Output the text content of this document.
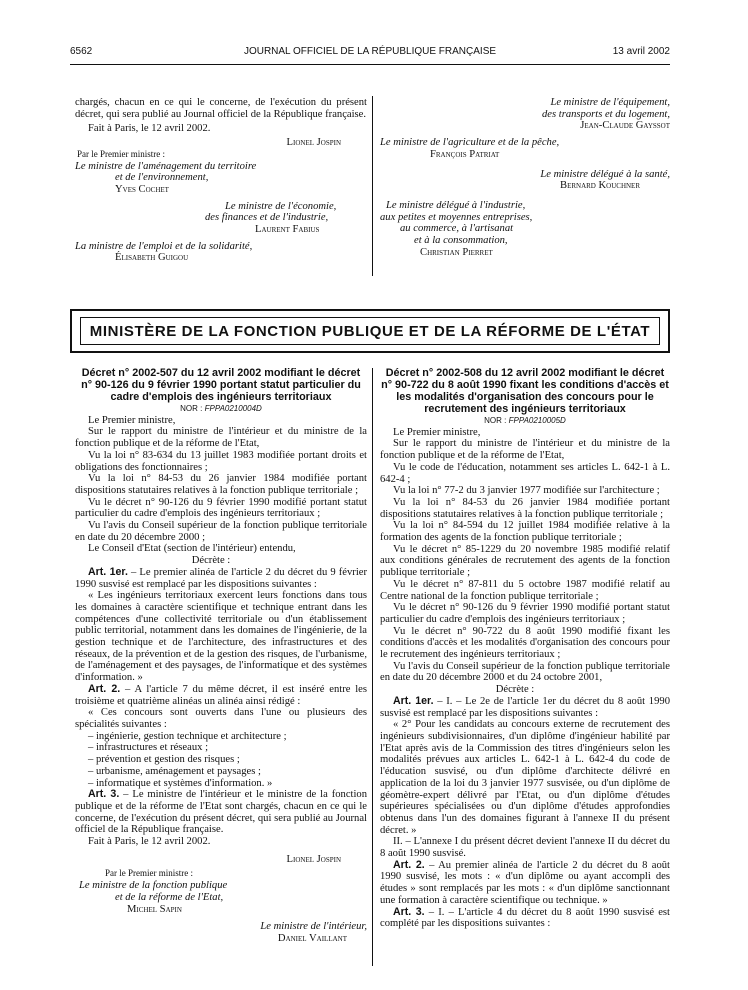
6562	JOURNAL OFFICIEL DE LA RÉPUBLIQUE FRANÇAISE	13 avril 2002

chargés, chacun en ce qui le concerne, de l'exécution du présent décret, qui sera publié au Journal officiel de la République française.

Fait à Paris, le 12 avril 2002.

Lionel Jospin

Par le Premier ministre :

Le ministre de l'aménagement du territoire

et de l'environnement,

Yves Cochet

Le ministre de l'économie,

des finances et de l'industrie,

Laurent Fabius

La ministre de l'emploi et de la solidarité,

Élisabeth Guigou

Le ministre de l'équipement,

des transports et du logement,

Jean-Claude Gayssot

Le ministre de l'agriculture et de la pêche,

François Patriat

Le ministre délégué à la santé,

Bernard Kouchner

Le ministre délégué à l'industrie,

aux petites et moyennes entreprises,

au commerce, à l'artisanat

et à la consommation,

Christian Pierret

MINISTÈRE DE LA FONCTION PUBLIQUE ET DE LA RÉFORME DE L'ÉTAT

Décret n° 2002-507 du 12 avril 2002 modifiant le décret n° 90-126 du 9 février 1990 portant statut particulier du cadre d'emplois des ingénieurs territoriaux

NOR : FPPA0210004D

Le Premier ministre,

Sur le rapport du ministre de l'intérieur et du ministre de la fonction publique et de la réforme de l'Etat,

Vu la loi n° 83-634 du 13 juillet 1983 modifiée portant droits et obligations des fonctionnaires ;

Vu la loi n° 84-53 du 26 janvier 1984 modifiée portant dispositions statutaires relatives à la fonction publique territoriale ;

Vu le décret n° 90-126 du 9 février 1990 modifié portant statut particulier du cadre d'emplois des ingénieurs territoriaux ;

Vu l'avis du Conseil supérieur de la fonction publique territoriale en date du 20 décembre 2000 ;

Le Conseil d'Etat (section de l'intérieur) entendu,

Décrète :

Art. 1er. – Le premier alinéa de l'article 2 du décret du 9 février 1990 susvisé est remplacé par les dispositions suivantes :

« Les ingénieurs territoriaux exercent leurs fonctions dans tous les domaines à caractère scientifique et technique entrant dans les compétences d'une collectivité territoriale ou d'un établissement public territorial, notamment dans les domaines de l'ingénierie, de la gestion technique et de l'architecture, des infrastructures et des réseaux, de la prévention et de la gestion des risques, de l'urbanisme, de l'aménagement et des paysages, de l'informatique et des systèmes d'information. »

Art. 2. – A l'article 7 du même décret, il est inséré entre les troisième et quatrième alinéas un alinéa ainsi rédigé :

« Ces concours sont ouverts dans l'une ou plusieurs des spécialités suivantes :

– ingénierie, gestion technique et architecture ;

– infrastructures et réseaux ;

– prévention et gestion des risques ;

– urbanisme, aménagement et paysages ;

– informatique et systèmes d'information. »

Art. 3. – Le ministre de l'intérieur et le ministre de la fonction publique et de la réforme de l'Etat sont chargés, chacun en ce qui le concerne, de l'exécution du présent décret, qui sera publié au Journal officiel de la République française.

Fait à Paris, le 12 avril 2002.

Lionel Jospin

Par le Premier ministre :

Le ministre de la fonction publique

et de la réforme de l'Etat,

Michel Sapin

Le ministre de l'intérieur,

Daniel Vaillant

Décret n° 2002-508 du 12 avril 2002 modifiant le décret n° 90-722 du 8 août 1990 fixant les conditions d'accès et les modalités d'organisation des concours pour le recrutement des ingénieurs territoriaux

NOR : FPPA0210005D

Le Premier ministre,

Sur le rapport du ministre de l'intérieur et du ministre de la fonction publique et de la réforme de l'Etat,

Vu le code de l'éducation, notamment ses articles L. 642-1 à L. 642-4 ;

Vu la loi n° 77-2 du 3 janvier 1977 modifiée sur l'architecture ;

Vu la loi n° 84-53 du 26 janvier 1984 modifiée portant dispositions statutaires relatives à la fonction publique territoriale ;

Vu la loi n° 84-594 du 12 juillet 1984 modifiée relative à la formation des agents de la fonction publique territoriale ;

Vu le décret n° 85-1229 du 20 novembre 1985 modifié relatif aux conditions générales de recrutement des agents de la fonction publique territoriale ;

Vu le décret n° 87-811 du 5 octobre 1987 modifié relatif au Centre national de la fonction publique territoriale ;

Vu le décret n° 90-126 du 9 février 1990 modifié portant statut particulier du cadre d'emplois des ingénieurs territoriaux ;

Vu le décret n° 90-722 du 8 août 1990 modifié fixant les conditions d'accès et les modalités d'organisation des concours pour le recrutement des ingénieurs territoriaux ;

Vu l'avis du Conseil supérieur de la fonction publique territoriale en date du 20 décembre 2000 et du 24 octobre 2001,

Décrète :

Art. 1er. – I. – Le 2e de l'article 1er du décret du 8 août 1990 susvisé est remplacé par les dispositions suivantes :

« 2° Pour les candidats au concours externe de recrutement des ingénieurs subdivisionnaires, d'un diplôme d'ingénieur habilité par l'Etat après avis de la Commission des titres d'ingénieurs selon les modalités prévues aux articles L. 642-1 à L. 642-4 du code de l'éducation susvisé, ou d'un diplôme d'architecte délivré en application de la loi du 3 janvier 1977 susvisée, ou d'un diplôme de géomètre-expert délivré par l'Etat, ou d'un diplôme d'études supérieures spécialisées ou d'un diplôme d'études approfondies obtenus dans l'un des domaines figurant à l'annexe II du présent décret. »

II. – L'annexe I du présent décret devient l'annexe II du décret du 8 août 1990 susvisé.

Art. 2. – Au premier alinéa de l'article 2 du décret du 8 août 1990 susvisé, les mots : « d'un diplôme ou ayant accompli des études » sont remplacés par les mots : « d'un diplôme sanctionnant une formation à caractère scientifique ou technique. »

Art. 3. – I. – L'article 4 du décret du 8 août 1990 susvisé est complété par les dispositions suivantes :
